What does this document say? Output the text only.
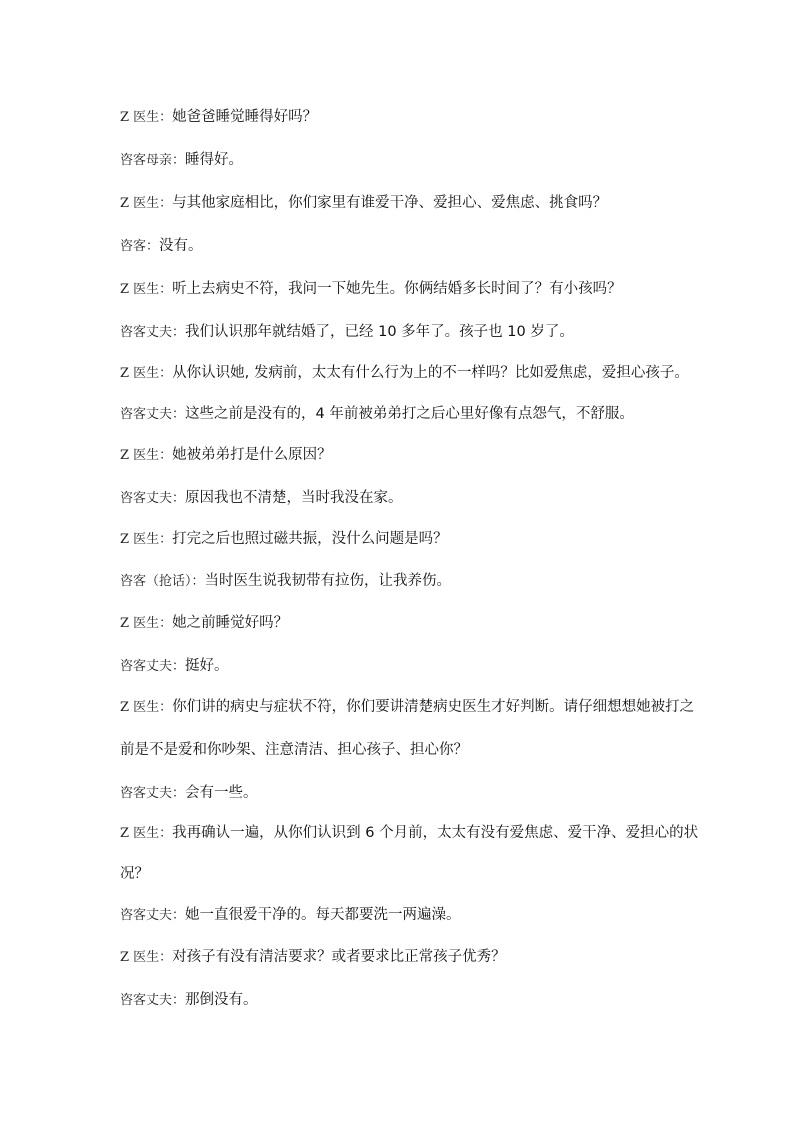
Z 医生：她爸爸睡觉睡得好吗？
咨客母亲：睡得好。
Z 医生：与其他家庭相比，你们家里有谁爱干净、爱担心、爱焦虑、挑食吗？
咨客：没有。
Z 医生：听上去病史不符，我问一下她先生。你俩结婚多长时间了？有小孩吗？
咨客丈夫：我们认识那年就结婚了，已经 10 多年了。孩子也 10 岁了。
Z 医生：从你认识她, 发病前，太太有什么行为上的不一样吗？比如爱焦虑，爱担心孩子。
咨客丈夫：这些之前是没有的，4 年前被弟弟打之后心里好像有点怨气，不舒服。
Z 医生：她被弟弟打是什么原因？
咨客丈夫：原因我也不清楚，当时我没在家。
Z 医生：打完之后也照过磁共振，没什么问题是吗？
咨客（抢话）：当时医生说我韧带有拉伤，让我养伤。
Z 医生：她之前睡觉好吗？
咨客丈夫：挺好。
Z 医生：你们讲的病史与症状不符，你们要讲清楚病史医生才好判断。请仔细想想她被打之
前是不是爱和你吵架、注意清洁、担心孩子、担心你？
咨客丈夫：会有一些。
Z 医生：我再确认一遍，从你们认识到 6 个月前，太太有没有爱焦虑、爱干净、爱担心的状
况？
咨客丈夫：她一直很爱干净的。每天都要洗一两遍澡。
Z 医生：对孩子有没有清洁要求？或者要求比正常孩子优秀？
咨客丈夫：那倒没有。
